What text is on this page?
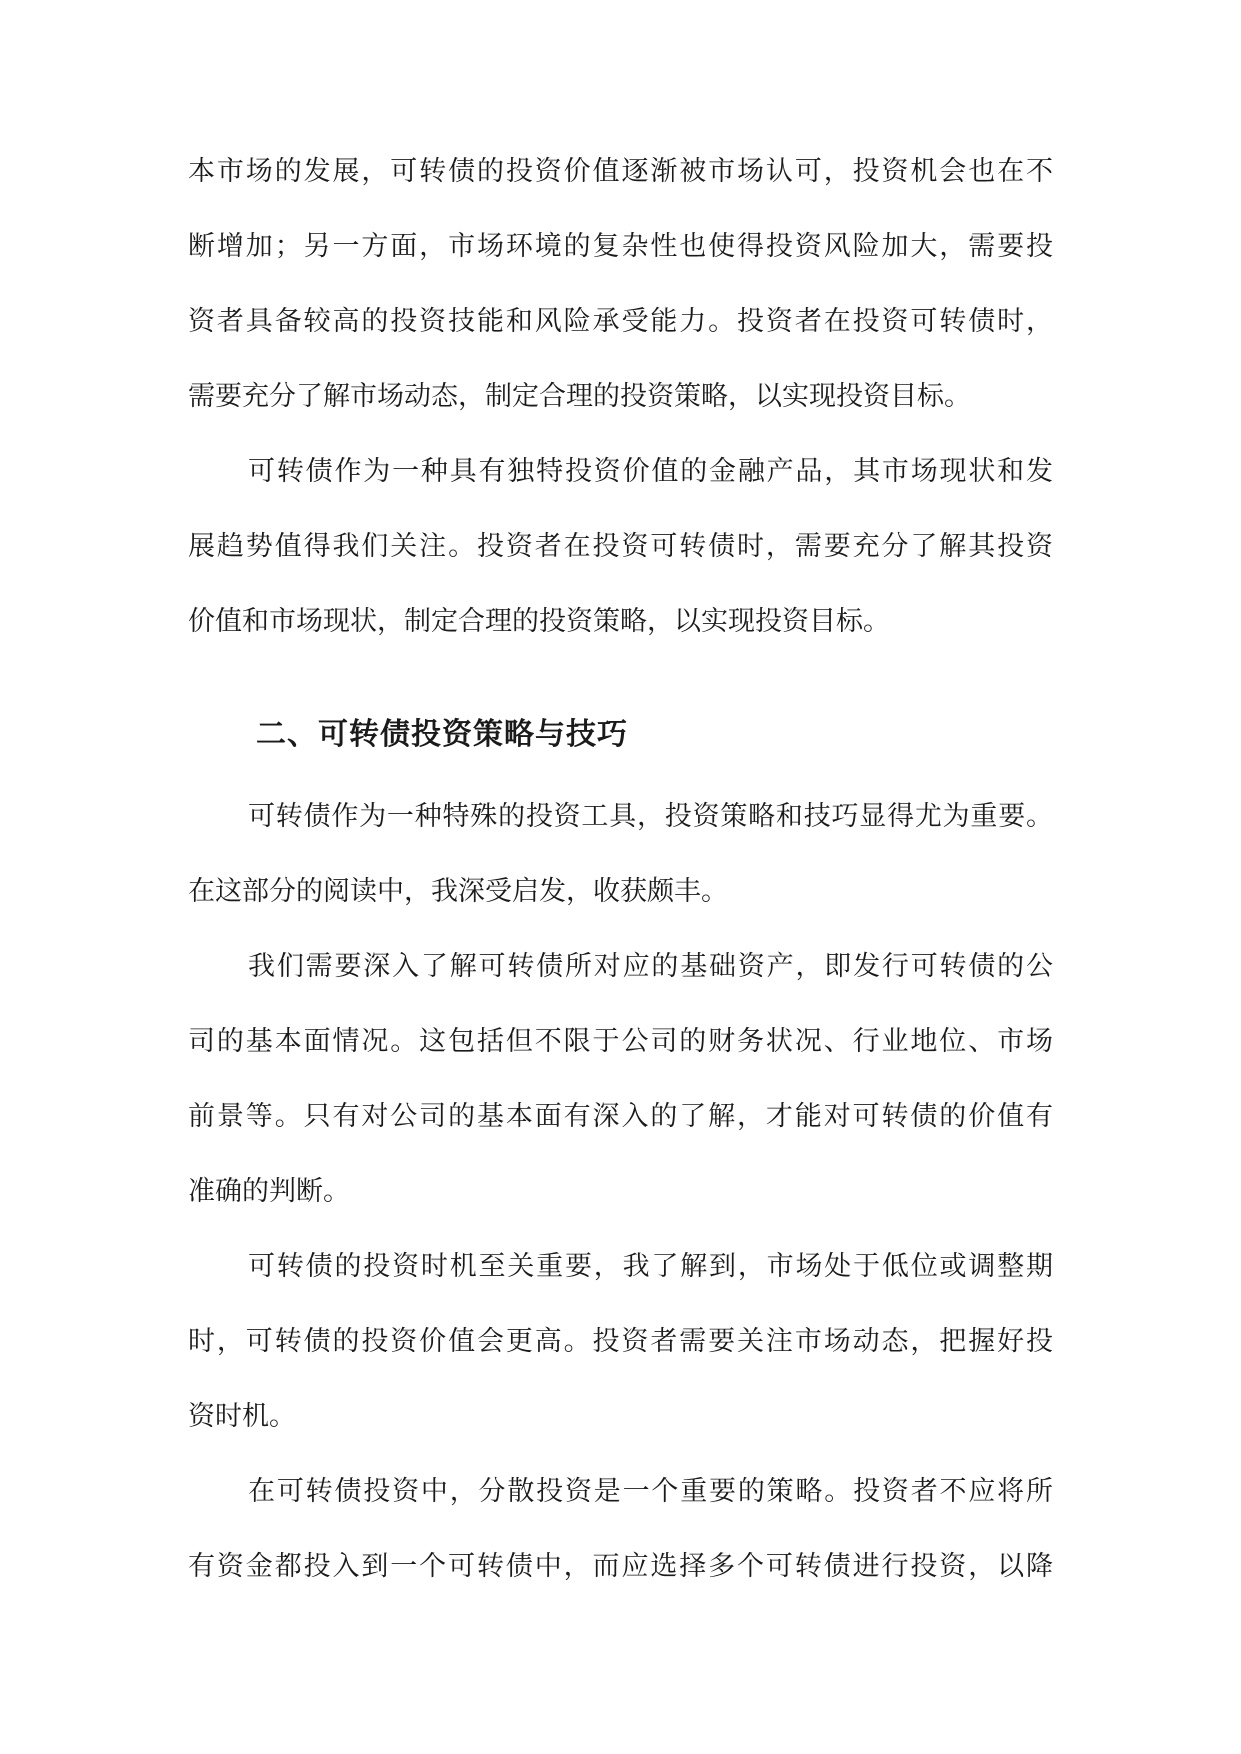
本市场的发展，可转债的投资价值逐渐被市场认可，投资机会也在不
断增加；另一方面，市场环境的复杂性也使得投资风险加大，需要投
资者具备较高的投资技能和风险承受能力。投资者在投资可转债时，
需要充分了解市场动态，制定合理的投资策略，以实现投资目标。
可转债作为一种具有独特投资价值的金融产品，其市场现状和发
展趋势值得我们关注。投资者在投资可转债时，需要充分了解其投资
价值和市场现状，制定合理的投资策略，以实现投资目标。
二、可转债投资策略与技巧
可转债作为一种特殊的投资工具，投资策略和技巧显得尤为重要。
在这部分的阅读中，我深受启发，收获颇丰。
我们需要深入了解可转债所对应的基础资产，即发行可转债的公
司的基本面情况。这包括但不限于公司的财务状况、行业地位、市场
前景等。只有对公司的基本面有深入的了解，才能对可转债的价值有
准确的判断。
可转债的投资时机至关重要，我了解到，市场处于低位或调整期
时，可转债的投资价值会更高。投资者需要关注市场动态，把握好投
资时机。
在可转债投资中，分散投资是一个重要的策略。投资者不应将所
有资金都投入到一个可转债中，而应选择多个可转债进行投资，以降
